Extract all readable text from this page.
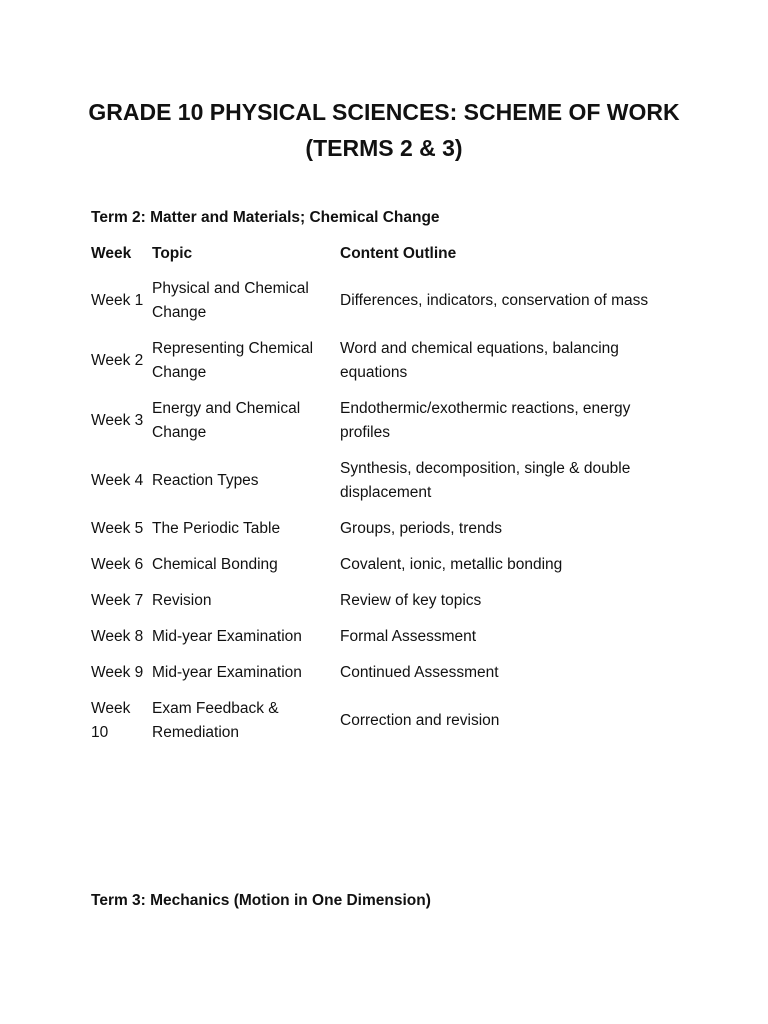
GRADE 10 PHYSICAL SCIENCES: SCHEME OF WORK
(TERMS 2 & 3)

Term 2: Matter and Materials; Chemical Change

Week	Topic	Content Outline
Week 1	Physical and Chemical Change	Differences, indicators, conservation of mass
Week 2	Representing Chemical Change	Word and chemical equations, balancing equations
Week 3	Energy and Chemical Change	Endothermic/exothermic reactions, energy profiles
Week 4	Reaction Types	Synthesis, decomposition, single & double displacement
Week 5	The Periodic Table	Groups, periods, trends
Week 6	Chemical Bonding	Covalent, ionic, metallic bonding
Week 7	Revision	Review of key topics
Week 8	Mid-year Examination	Formal Assessment
Week 9	Mid-year Examination	Continued Assessment
Week 10	Exam Feedback & Remediation	Correction and revision

Term 3: Mechanics (Motion in One Dimension)
